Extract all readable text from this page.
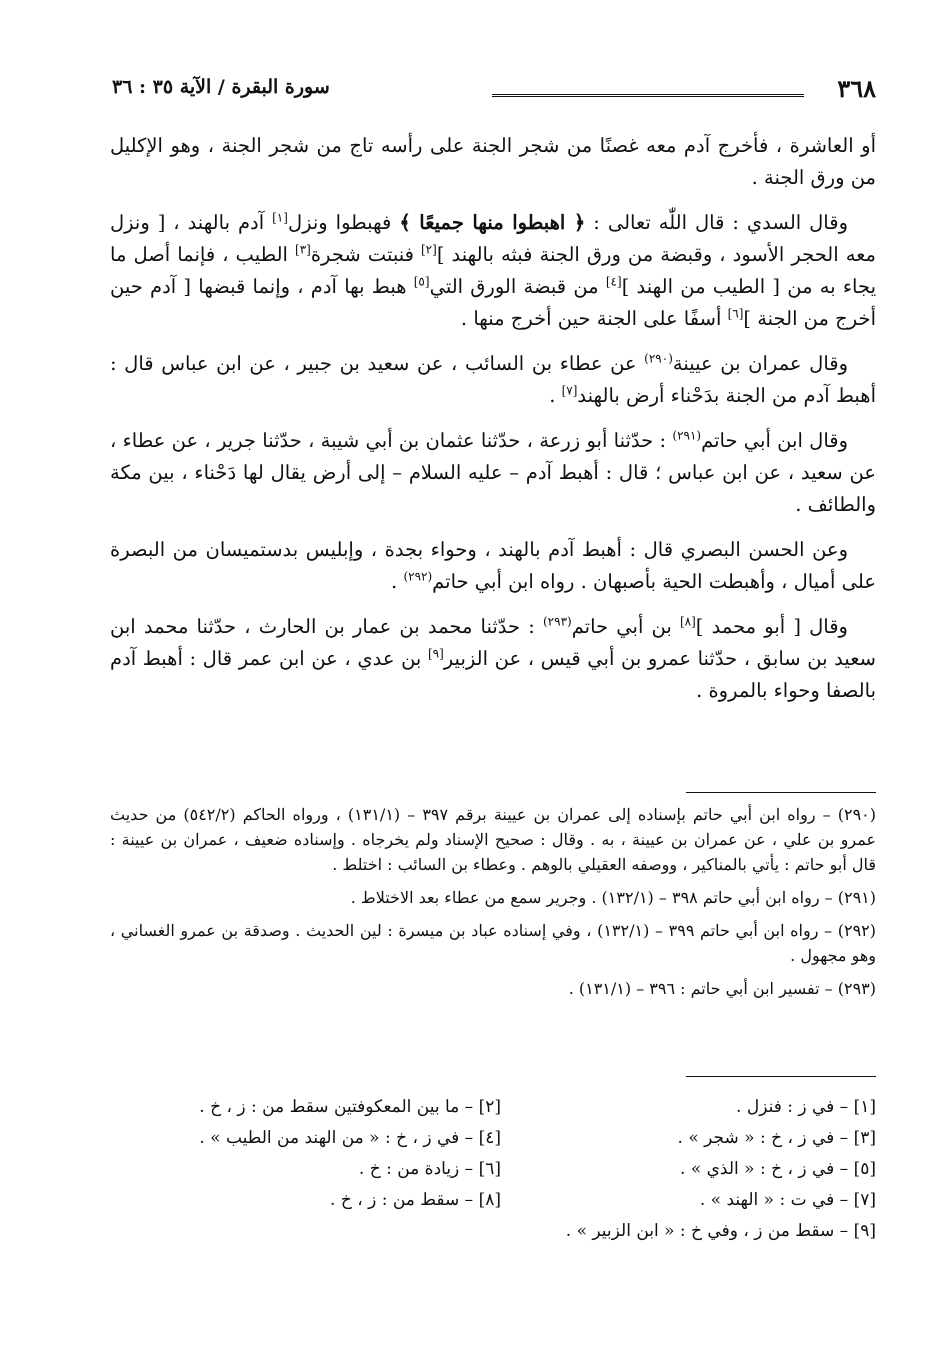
٣٦٨
سورة البقرة / الآية ٣٥ : ٣٦

أو العاشرة ، فأخرج آدم معه غصنًا من شجر الجنة على رأسه تاج من شجر الجنة ، وهو الإكليل من ورق الجنة .

وقال السدي : قال اللّٰه تعالى : ﴿ اهبطوا منها جميعًا ﴾ فهبطوا ونزل[١] آدم بالهند ، [ ونزل معه الحجر الأسود ، وقبضة من ورق الجنة فبثه بالهند ][٢] فنبتت شجرة[٣] الطيب ، فإنما أصل ما يجاء به من [ الطيب من الهند ][٤] من قبضة الورق التي[٥] هبط بها آدم ، وإنما قبضها [ آدم حين أخرج من الجنة ][٦] أسفًا على الجنة حين أخرج منها .

وقال عمران بن عيينة$^{(٢٩٠)}$ عن عطاء بن السائب ، عن سعيد بن جبير ، عن ابن عباس قال : أهبط آدم من الجنة بدَحْناء أرض بالهند[٧] .

وقال ابن أبي حاتم$^{(٢٩١)}$ : حدّثنا أبو زرعة ، حدّثنا عثمان بن أبي شيبة ، حدّثنا جرير ، عن عطاء ، عن سعيد ، عن ابن عباس ؛ قال : أهبط آدم – عليه السلام – إلى أرض يقال لها دَحْناء ، بين مكة والطائف .

وعن الحسن البصري قال : أهبط آدم بالهند ، وحواء بجدة ، وإبليس بدستميسان من البصرة على أميال ، وأهبطت الحية بأصبهان . رواه ابن أبي حاتم$^{(٢٩٢)}$ .

وقال [ أبو محمد ][٨] بن أبي حاتم$^{(٢٩٣)}$ : حدّثنا محمد بن عمار بن الحارث ، حدّثنا محمد ابن سعيد بن سابق ، حدّثنا عمرو بن أبي قيس ، عن الزبير[٩] بن عدي ، عن ابن عمر قال : أهبط آدم بالصفا وحواء بالمروة .

(٢٩٠) – رواه ابن أبي حاتم بإسناده إلى عمران بن عيينة برقم ٣٩٧ – (١٣١/١) ، ورواه الحاكم (٥٤٢/٢) من حديث عمرو بن علي ، عن عمران بن عيينة ، به . وقال : صحيح الإسناد ولم يخرجاه . وإسناده ضعيف ، عمران بن عيينة : قال أبو حاتم : يأتي بالمناكير ، ووصفه العقيلي بالوهم . وعطاء بن السائب : اختلط .

(٢٩١) – رواه ابن أبي حاتم ٣٩٨ – (١٣٢/١) . وجرير سمع من عطاء بعد الاختلاط .

(٢٩٢) – رواه ابن أبي حاتم ٣٩٩ – (١٣٢/١) ، وفي إسناده عباد بن ميسرة : لين الحديث . وصدقة بن عمرو الغساني ، وهو مجهول .

(٢٩٣) – تفسير ابن أبي حاتم : ٣٩٦ – (١٣١/١) .

[١] – في ز : فنزل .
[٢] – ما بين المعكوفتين سقط من : ز ، خ .
[٣] – في ز ، خ : « شجر » .
[٤] – في ز ، خ : « من الهند من الطيب » .
[٥] – في ز ، خ : « الذي » .
[٦] – زيادة من : خ .
[٧] – في ت : « الهند » .
[٨] – سقط من : ز ، خ .
[٩] – سقط من ز ، وفي خ : « ابن الزبير » .
